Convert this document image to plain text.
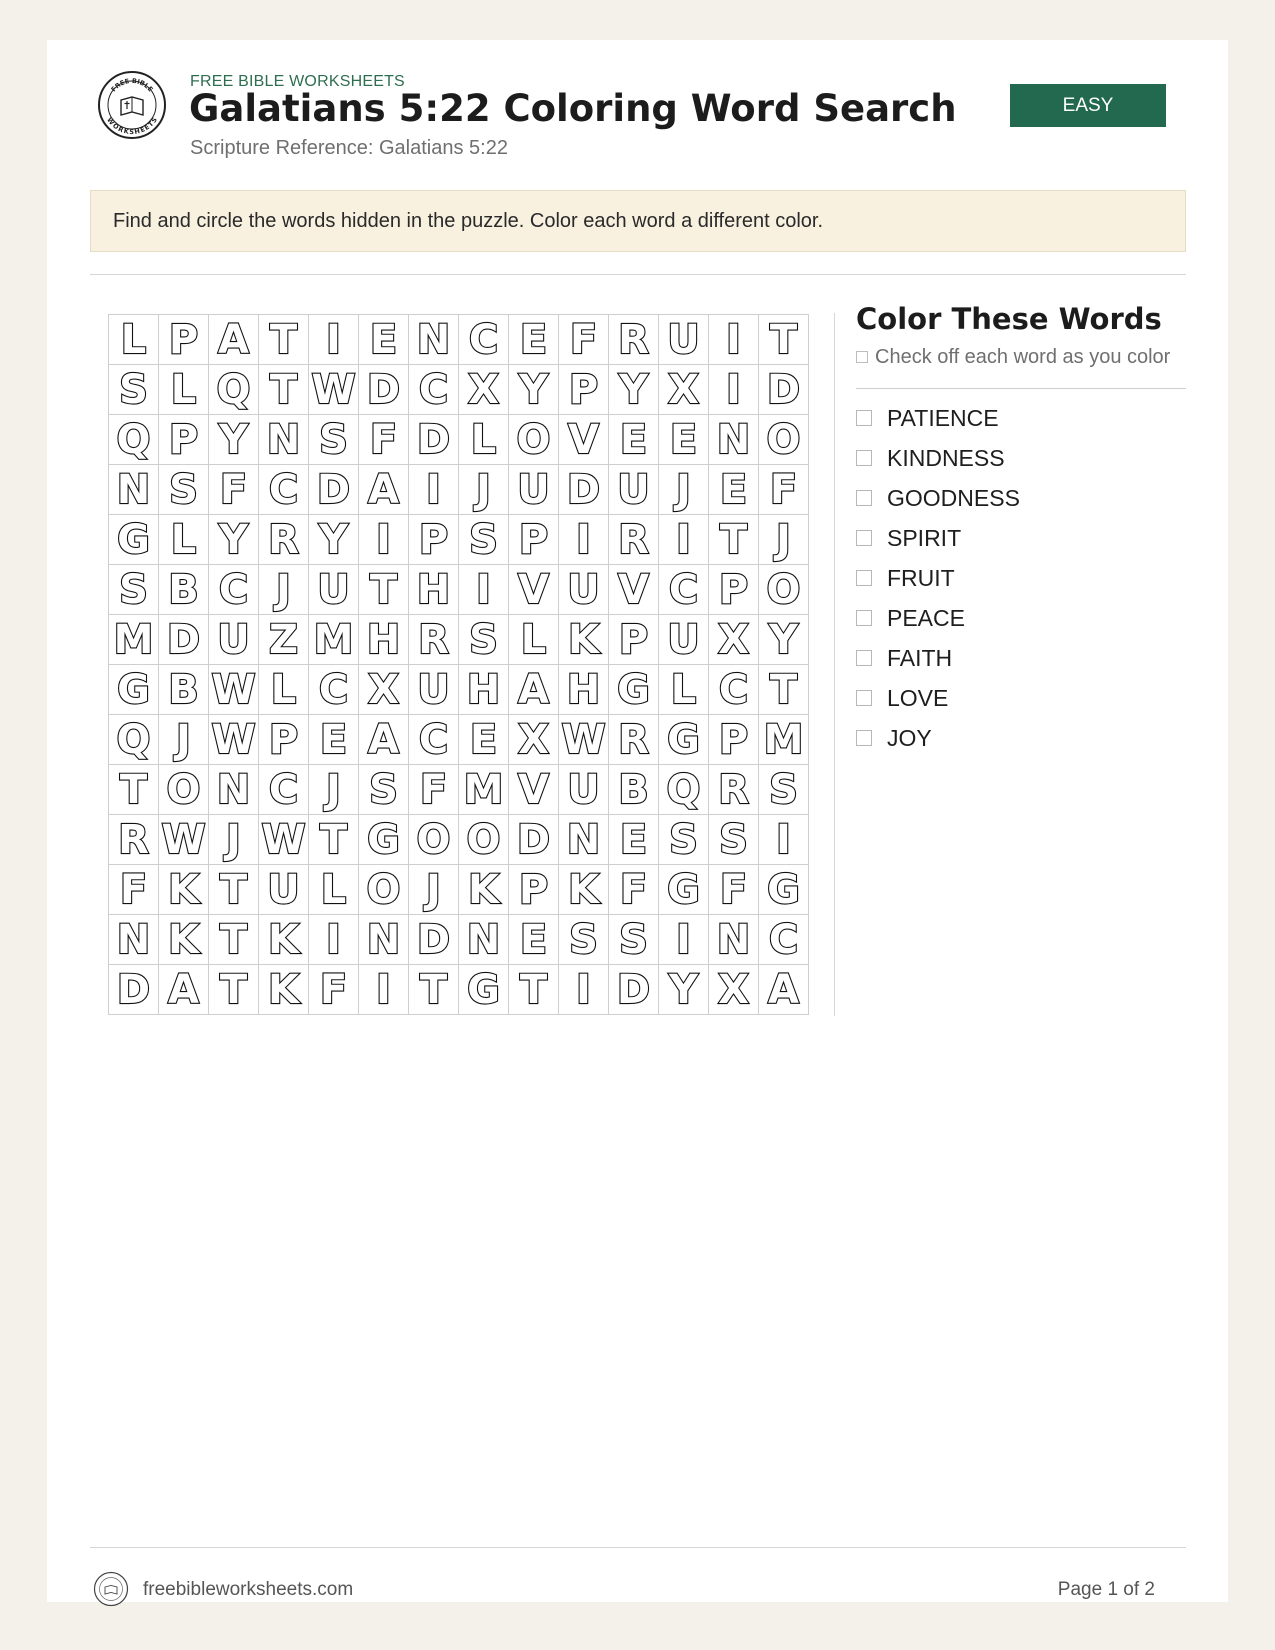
FREE BIBLE
WORKSHEETS
FREE BIBLE WORKSHEETS
Galatians 5:22 Coloring Word Search
Scripture Reference: Galatians 5:22
EASY
Find and circle the words hidden in the puzzle. Color each word a different color.
L	P	A	T	I	E	N	C	E	F	R	U	I	T
S	L	Q	T	W	D	C	X	Y	P	Y	X	I	D
Q	P	Y	N	S	F	D	L	O	V	E	E	N	O
N	S	F	C	D	A	I	J	U	D	U	J	E	F
G	L	Y	R	Y	I	P	S	P	I	R	I	T	J
S	B	C	J	U	T	H	I	V	U	V	C	P	O
M	D	U	Z	M	H	R	S	L	K	P	U	X	Y
G	B	W	L	C	X	U	H	A	H	G	L	C	T
Q	J	W	P	E	A	C	E	X	W	R	G	P	M
T	O	N	C	J	S	F	M	V	U	B	Q	R	S
R	W	J	W	T	G	O	O	D	N	E	S	S	I
F	K	T	U	L	O	J	K	P	K	F	G	F	G
N	K	T	K	I	N	D	N	E	S	S	I	N	C
D	A	T	K	F	I	T	G	T	I	D	Y	X	A
Color These Words
Check off each word as you color
PATIENCE
KINDNESS
GOODNESS
SPIRIT
FRUIT
PEACE
FAITH
LOVE
JOY
freebibleworksheets.com	Page 1 of 2
